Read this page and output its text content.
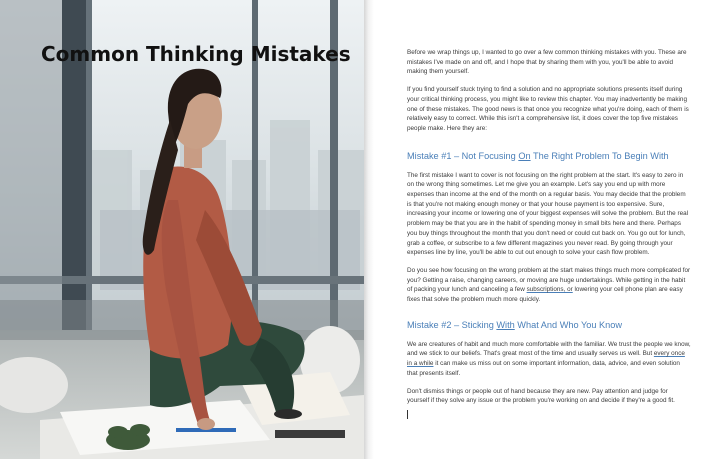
Common Thinking Mistakes	Before we wrap things up, I wanted to go over a few common thinking mistakes with you. These are mistakes I've made on and off, and I hope that by sharing them with you, you'll be able to avoid making them yourself.

If you find yourself stuck trying to find a solution and no appropriate solutions presents itself during your critical thinking process, you might like to review this chapter. You may inadvertently be making one of these mistakes. The good news is that once you recognize what you're doing, each of them is relatively easy to correct. While this isn't a comprehensive list, it does cover the top five mistakes people make. Here they are:

Mistake #1 – Not Focusing On The Right Problem To Begin With

The first mistake I want to cover is not focusing on the right problem at the start. It's easy to zero in on the wrong thing sometimes. Let me give you an example. Let's say you end up with more expenses than income at the end of the month on a regular basis. You may decide that the problem is that you're not making enough money or that your house payment is too expensive. Sure, increasing your income or lowering one of your biggest expenses will solve the problem. But the real problem may be that you are in the habit of spending money in small bits here and there. Perhaps you buy things throughout the month that you don't need or could cut back on. You go out for lunch, grab a coffee, or subscribe to a few different magazines you never read. By going through your expenses line by line, you'll be able to cut out enough to solve your cash flow problem.

Do you see how focusing on the wrong problem at the start makes things much more complicated for you? Getting a raise, changing careers, or moving are huge undertakings. While getting in the habit of packing your lunch and canceling a few subscriptions, or lowering your cell phone plan are easy fixes that solve the problem much more quickly.

Mistake #2 – Sticking With What And Who You Know

We are creatures of habit and much more comfortable with the familiar. We trust the people we know, and we stick to our beliefs. That's great most of the time and usually serves us well. But every once in a while it can make us miss out on some important information, data, advice, and even solution that presents itself.

Don't dismiss things or people out of hand because they are new. Pay attention and judge for yourself if they solve any issue or the problem you're working on and decide if they're a good fit.
